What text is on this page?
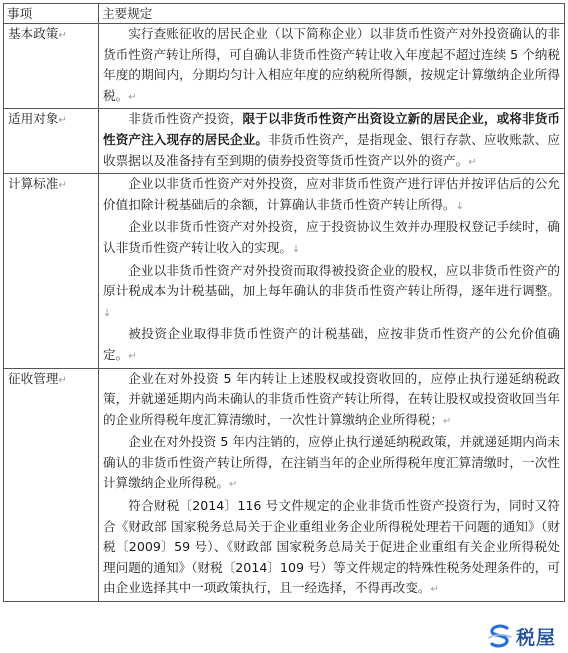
事项	主要规定
基本政策↵	实行查账征收的居民企业（以下简称企业）以非货币性资产对外投资确认的非货币性资产转让所得，可自确认非货币性资产转让收入年度起不超过连续 5 个纳税年度的期间内，分期均匀计入相应年度的应纳税所得额，按规定计算缴纳企业所得税。↵

适用对象↵	非货币性资产投资，限于以非货币性资产出资设立新的居民企业，或将非货币性资产注入现存的居民企业。非货币性资产，是指现金、银行存款、应收账款、应收票据以及准备持有至到期的债券投资等货币性资产以外的资产。↵

计算标准↵	企业以非货币性资产对外投资，应对非货币性资产进行评估并按评估后的公允价值扣除计税基础后的余额，计算确认非货币性资产转让所得。↓

企业以非货币性资产对外投资，应于投资协议生效并办理股权登记手续时，确认非货币性资产转让收入的实现。↓

企业以非货币性资产对外投资而取得被投资企业的股权，应以非货币性资产的原计税成本为计税基础，加上每年确认的非货币性资产转让所得，逐年进行调整。↓

被投资企业取得非货币性资产的计税基础，应按非货币性资产的公允价值确定。↵

征收管理↵	企业在对外投资 5 年内转让上述股权或投资收回的，应停止执行递延纳税政策，并就递延期内尚未确认的非货币性资产转让所得，在转让股权或投资收回当年的企业所得税年度汇算清缴时，一次性计算缴纳企业所得税；↵

企业在对外投资 5 年内注销的，应停止执行递延纳税政策，并就递延期内尚未确认的非货币性资产转让所得，在注销当年的企业所得税年度汇算清缴时，一次性计算缴纳企业所得税。↵

符合财税〔2014〕116 号文件规定的企业非货币性资产投资行为，同时又符合《财政部 国家税务总局关于企业重组业务企业所得税处理若干问题的通知》（财税〔2009〕59 号）、《财政部 国家税务总局关于促进企业重组有关企业所得税处理问题的通知》（财税〔2014〕109 号）等文件规定的特殊性税务处理条件的，可由企业选择其中一项政策执行，且一经选择，不得再改变。↵

税屋
